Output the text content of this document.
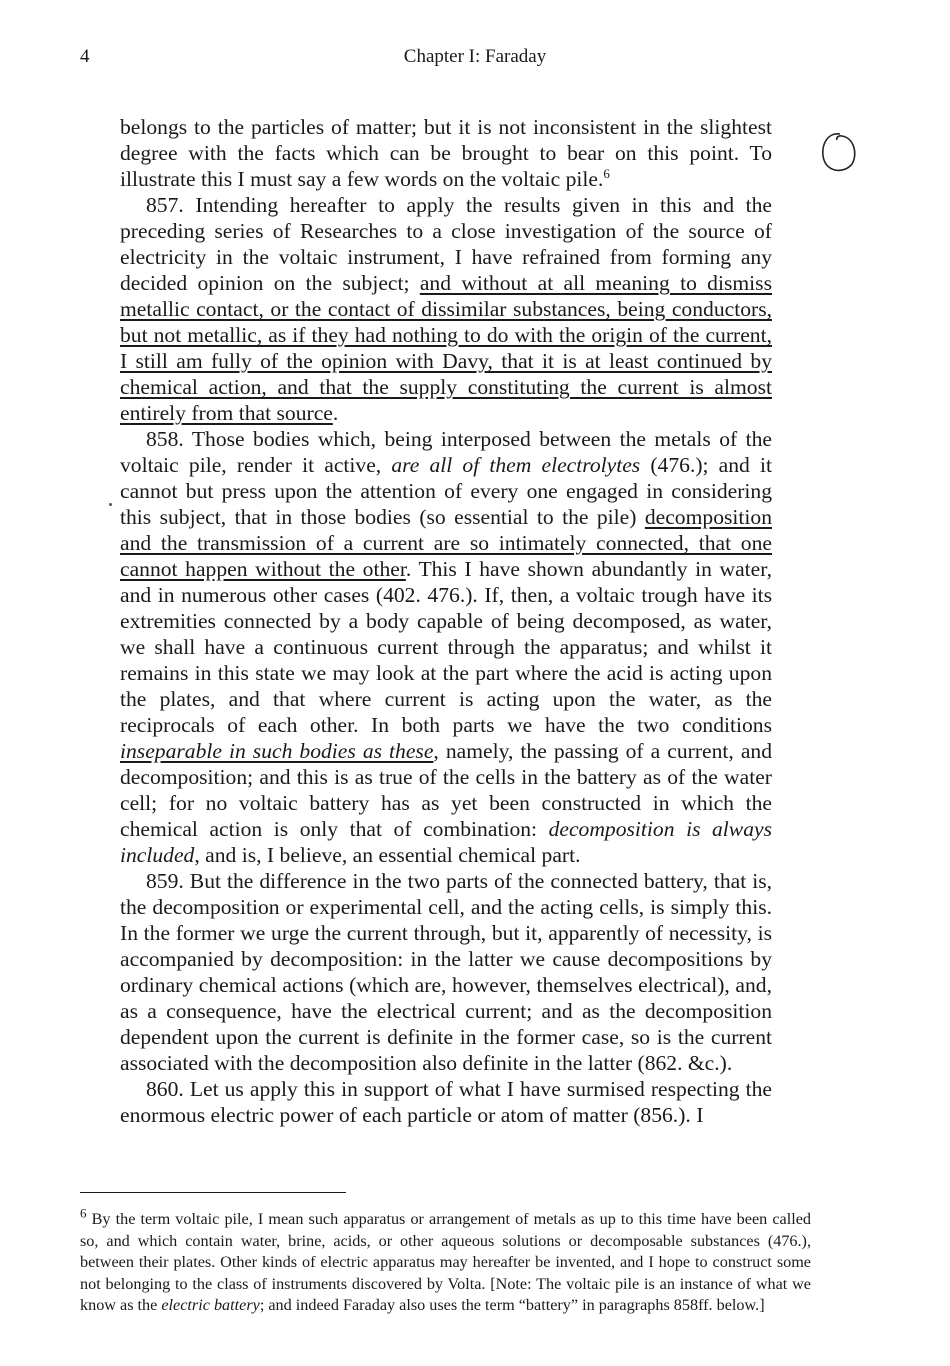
4	Chapter I: Faraday

belongs to the particles of matter; but it is not inconsistent in the slightest degree with the facts which can be brought to bear on this point. To illustrate this I must say a few words on the voltaic pile.$^6$

857. Intending hereafter to apply the results given in this and the preceding series of Researches to a close investigation of the source of electricity in the voltaic instrument, I have refrained from forming any decided opinion on the subject; and without at all meaning to dismiss metallic contact, or the contact of dissimilar substances, being conductors, but not metallic, as if they had nothing to do with the origin of the current, I still am fully of the opinion with Davy, that it is at least continued by chemical action, and that the supply constituting the current is almost entirely from that source.

858. Those bodies which, being interposed between the metals of the voltaic pile, render it active, are all of them electrolytes (476.); and it cannot but press upon the attention of every one engaged in considering this subject, that in those bodies (so essential to the pile) decomposition and the transmission of a current are so intimately connected, that one cannot happen without the other. This I have shown abundantly in water, and in numerous other cases (402. 476.). If, then, a voltaic trough have its extremities connected by a body capable of being decomposed, as water, we shall have a continuous current through the apparatus; and whilst it remains in this state we may look at the part where the acid is acting upon the plates, and that where current is acting upon the water, as the reciprocals of each other. In both parts we have the two conditions inseparable in such bodies as these, namely, the passing of a current, and decomposition; and this is as true of the cells in the battery as of the water cell; for no voltaic battery has as yet been constructed in which the chemical action is only that of combination: decomposition is always included, and is, I believe, an essential chemical part.

859. But the difference in the two parts of the connected battery, that is, the decomposition or experimental cell, and the acting cells, is simply this. In the former we urge the current through, but it, apparently of necessity, is accompanied by decomposition: in the latter we cause decompositions by ordinary chemical actions (which are, however, themselves electrical), and, as a consequence, have the electrical current; and as the decomposition dependent upon the current is definite in the former case, so is the current associated with the decomposition also definite in the latter (862. &c.).

860. Let us apply this in support of what I have surmised respecting the enormous electric power of each particle or atom of matter (856.). I

$^6$ By the term voltaic pile, I mean such apparatus or arrangement of metals as up to this time have been called so, and which contain water, brine, acids, or other aqueous solutions or decomposable substances (476.), between their plates. Other kinds of electric apparatus may hereafter be invented, and I hope to construct some not belonging to the class of instruments discovered by Volta. [Note: The voltaic pile is an instance of what we know as the electric battery; and indeed Faraday also uses the term “battery” in paragraphs 858ff. below.]
